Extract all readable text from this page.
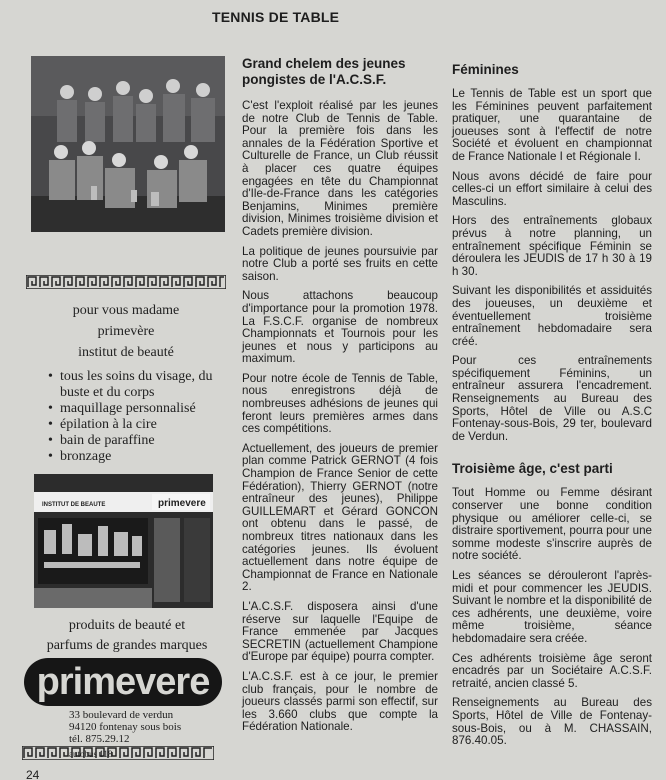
TENNIS DE TABLE
pour vous madame
primevère
institut de beauté
• tous les soins du visage, du buste et du corps
• maquillage personnalisé
• épilation à la cire
• bain de paraffine
• bronzage
INSTITUT DE BEAUTE	primevere
produits de beauté et
parfums de grandes marques
primevere
33 boulevard de verdun
94120 fontenay sous bois
tél. 875.29.12
autobus 118
24
Grand chelem des jeunes pongistes de l'A.C.S.F.

C'est l'exploit réalisé par les jeunes de notre Club de Tennis de Table. Pour la première fois dans les annales de la Fédération Sportive et Culturelle de France, un Club réussit à placer ces quatre équipes engagées en tête du Championnat d'Ile-de-France dans les catégories Benjamins, Minimes première division, Minimes troisième division et Cadets première division.

La politique de jeunes poursuivie par notre Club a porté ses fruits en cette saison.

Nous attachons beaucoup d'importance pour la promotion 1978. La F.S.C.F. organise de nombreux Championnats et Tournois pour les jeunes et nous y participons au maximum.

Pour notre école de Tennis de Table, nous enregistrons déjà de nombreuses adhésions de jeunes qui feront leurs premières armes dans ces compétitions.

Actuellement, des joueurs de premier plan comme Patrick GERNOT (4 fois Champion de France Senior de cette Fédération), Thierry GERNOT (notre entraîneur des jeunes), Philippe GUILLEMART et Gérard GONCON ont obtenu dans le passé, de nombreux titres nationaux dans les catégories jeunes. Ils évoluent actuellement dans notre équipe de Championnat de France en Nationale 2.

L'A.C.S.F. disposera ainsi d'une réserve sur laquelle l'Equipe de France emmenée par Jacques SECRETIN (actuellement Champione d'Europe par équipe) pourra compter.

L'A.C.S.F. est à ce jour, le premier club français, pour le nombre de joueurs classés parmi son effectif, sur les 3.660 clubs que compte la Fédération Nationale.

Féminines

Le Tennis de Table est un sport que les Féminines peuvent parfaitement pratiquer, une quarantaine de joueuses sont à l'effectif de notre Société et évoluent en championnat de France Nationale I et Régionale I.

Nous avons décidé de faire pour celles-ci un effort similaire à celui des Masculins.

Hors des entraînements globaux prévus à notre planning, un entraînement spécifique Féminin se déroulera les JEUDIS de 17 h 30 à 19 h 30.

Suivant les disponibilités et assiduités des joueuses, un deuxième et éventuellement troisième entraînement hebdomadaire sera créé.

Pour ces entraînements spécifiquement Féminins, un entraîneur assurera l'encadrement. Renseignements au Bureau des Sports, Hôtel de Ville ou A.S.C Fontenay-sous-Bois, 29 ter, boulevard de Verdun.

Troisième âge, c'est parti

Tout Homme ou Femme désirant conserver une bonne condition physique ou améliorer celle-ci, se distraire sportivement, pourra pour une somme modeste s'inscrire auprès de notre société.

Les séances se dérouleront l'après-midi et pour commencer les JEUDIS. Suivant le nombre et la disponibilité de ces adhérents, une deuxième, voire même troisième, séance hebdomadaire sera créée.

Ces adhérents troisième âge seront encadrés par un Sociétaire A.C.S.F. retraité, ancien classé 5.

Renseignements au Bureau des Sports, Hôtel de Ville de Fontenay-sous-Bois, ou à M. CHASSAIN, 876.40.05.
